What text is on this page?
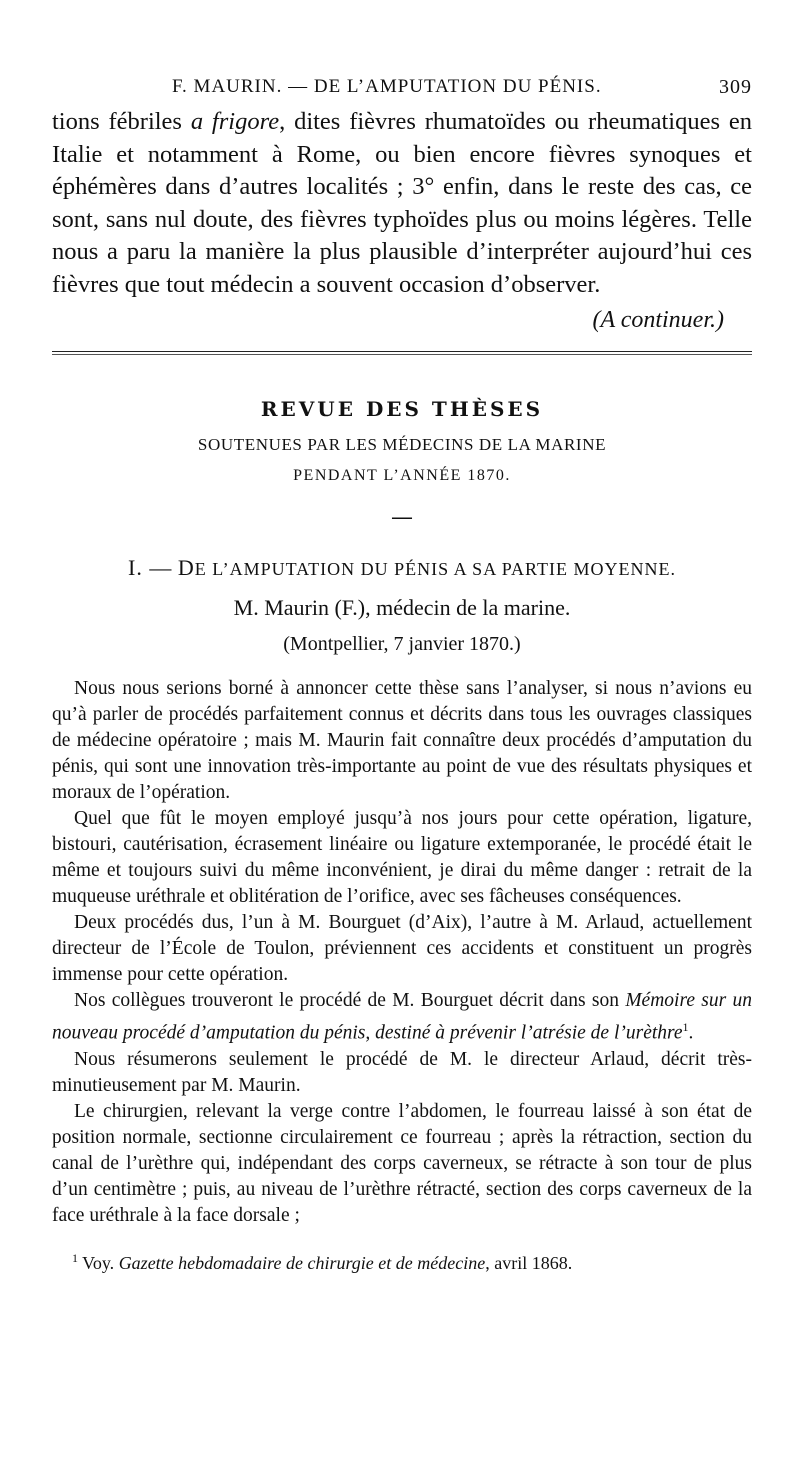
F. MAURIN. — DE L’AMPUTATION DU PÉNIS.	309

tions fébriles a frigore, dites fièvres rhumatoïdes ou rheumatiques en Italie et notamment à Rome, ou bien encore fièvres synoques et éphémères dans d’autres localités ; 3° enfin, dans le reste des cas, ce sont, sans nul doute, des fièvres typhoïdes plus ou moins légères. Telle nous a paru la manière la plus plausible d’interpréter aujourd’hui ces fièvres que tout médecin a souvent occasion d’observer.

(A continuer.)
REVUE DES THÈSES
SOUTENUES PAR LES MÉDECINS DE LA MARINE
PENDANT L’ANNÉE 1870.
—
I. — DE L’AMPUTATION DU PÉNIS A SA PARTIE MOYENNE.
M. Maurin (F.), médecin de la marine.
(Montpellier, 7 janvier 1870.)

Nous nous serions borné à annoncer cette thèse sans l’analyser, si nous n’avions eu qu’à parler de procédés parfaitement connus et décrits dans tous les ouvrages classiques de médecine opératoire ; mais M. Maurin fait connaître deux procédés d’amputation du pénis, qui sont une innovation très-importante au point de vue des résultats physiques et moraux de l’opération.

Quel que fût le moyen employé jusqu’à nos jours pour cette opération, ligature, bistouri, cautérisation, écrasement linéaire ou ligature extemporanée, le procédé était le même et toujours suivi du même inconvénient, je dirai du même danger : retrait de la muqueuse uréthrale et oblitération de l’orifice, avec ses fâcheuses conséquences.

Deux procédés dus, l’un à M. Bourguet (d’Aix), l’autre à M. Arlaud, actuellement directeur de l’École de Toulon, préviennent ces accidents et constituent un progrès immense pour cette opération.

Nos collègues trouveront le procédé de M. Bourguet décrit dans son Mémoire sur un nouveau procédé d’amputation du pénis, destiné à prévenir l’atrésie de l’urèthre$^1$.

Nous résumerons seulement le procédé de M. le directeur Arlaud, décrit très-minutieusement par M. Maurin.

Le chirurgien, relevant la verge contre l’abdomen, le fourreau laissé à son état de position normale, sectionne circulairement ce fourreau ; après la rétraction, section du canal de l’urèthre qui, indépendant des corps caverneux, se rétracte à son tour de plus d’un centimètre ; puis, au niveau de l’urèthre rétracté, section des corps caverneux de la face uréthrale à la face dorsale ;

$^1$ Voy. Gazette hebdomadaire de chirurgie et de médecine, avril 1868.
